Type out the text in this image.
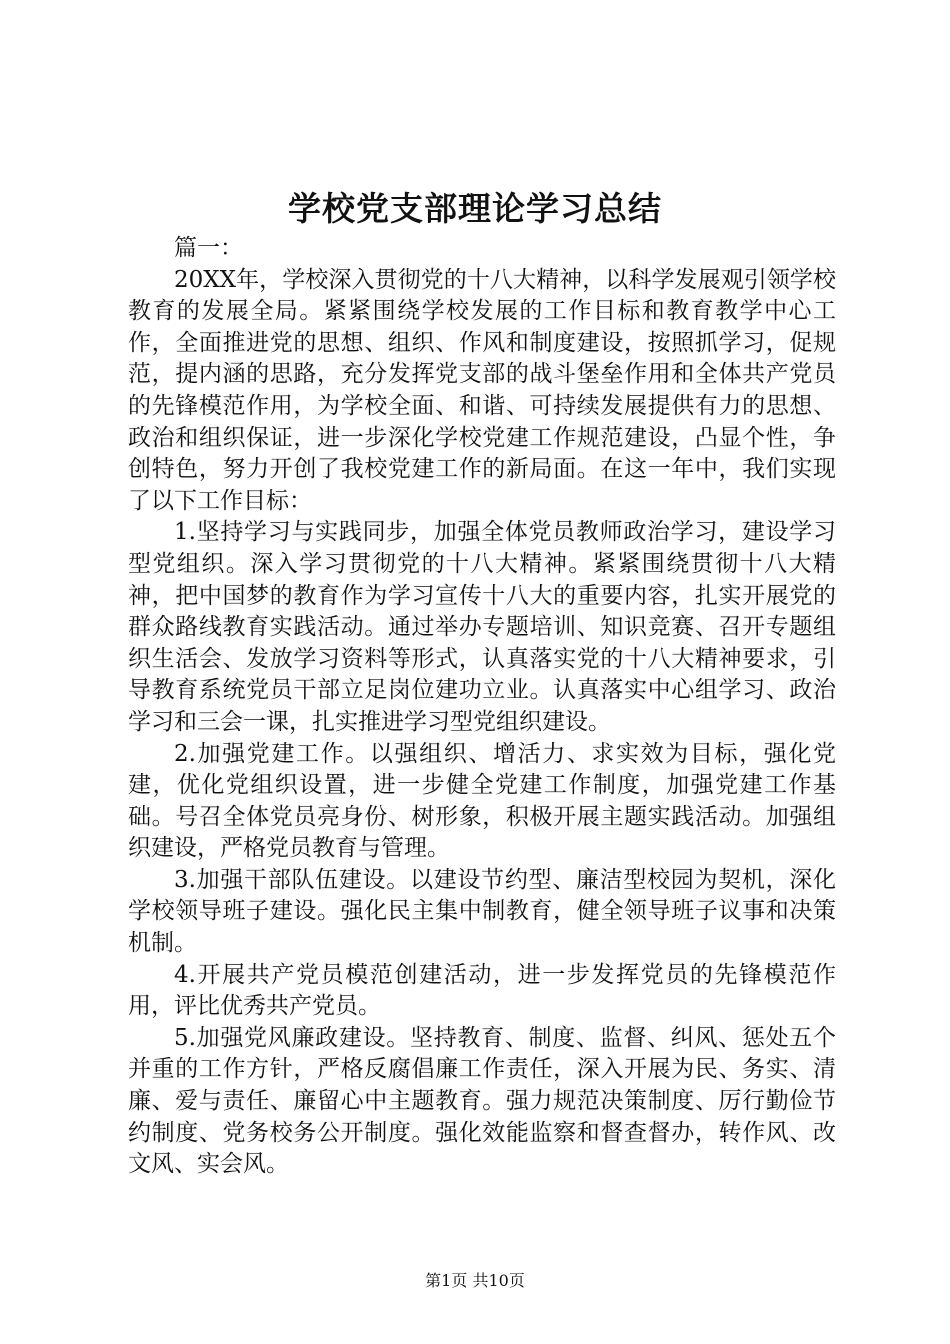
学校党支部理论学习总结

篇一：

20XX年，学校深入贯彻党的十八大精神，以科学发展观引领学校教育的发展全局。紧紧围绕学校发展的工作目标和教育教学中心工作，全面推进党的思想、组织、作风和制度建设，按照抓学习，促规范，提内涵的思路，充分发挥党支部的战斗堡垒作用和全体共产党员的先锋模范作用，为学校全面、和谐、可持续发展提供有力的思想、政治和组织保证，进一步深化学校党建工作规范建设，凸显个性，争创特色，努力开创了我校党建工作的新局面。在这一年中，我们实现了以下工作目标：

1.坚持学习与实践同步，加强全体党员教师政治学习，建设学习型党组织。深入学习贯彻党的十八大精神。紧紧围绕贯彻十八大精神，把中国梦的教育作为学习宣传十八大的重要内容，扎实开展党的群众路线教育实践活动。通过举办专题培训、知识竞赛、召开专题组织生活会、发放学习资料等形式，认真落实党的十八大精神要求，引导教育系统党员干部立足岗位建功立业。认真落实中心组学习、政治学习和三会一课，扎实推进学习型党组织建设。

2.加强党建工作。以强组织、增活力、求实效为目标，强化党建，优化党组织设置，进一步健全党建工作制度，加强党建工作基础。号召全体党员亮身份、树形象，积极开展主题实践活动。加强组织建设，严格党员教育与管理。

3.加强干部队伍建设。以建设节约型、廉洁型校园为契机，深化学校领导班子建设。强化民主集中制教育，健全领导班子议事和决策机制。

4.开展共产党员模范创建活动，进一步发挥党员的先锋模范作用，评比优秀共产党员。

5.加强党风廉政建设。坚持教育、制度、监督、纠风、惩处五个并重的工作方针，严格反腐倡廉工作责任，深入开展为民、务实、清廉、爱与责任、廉留心中主题教育。强力规范决策制度、厉行勤俭节约制度、党务校务公开制度。强化效能监察和督查督办，转作风、改文风、实会风。

第1页 共10页
